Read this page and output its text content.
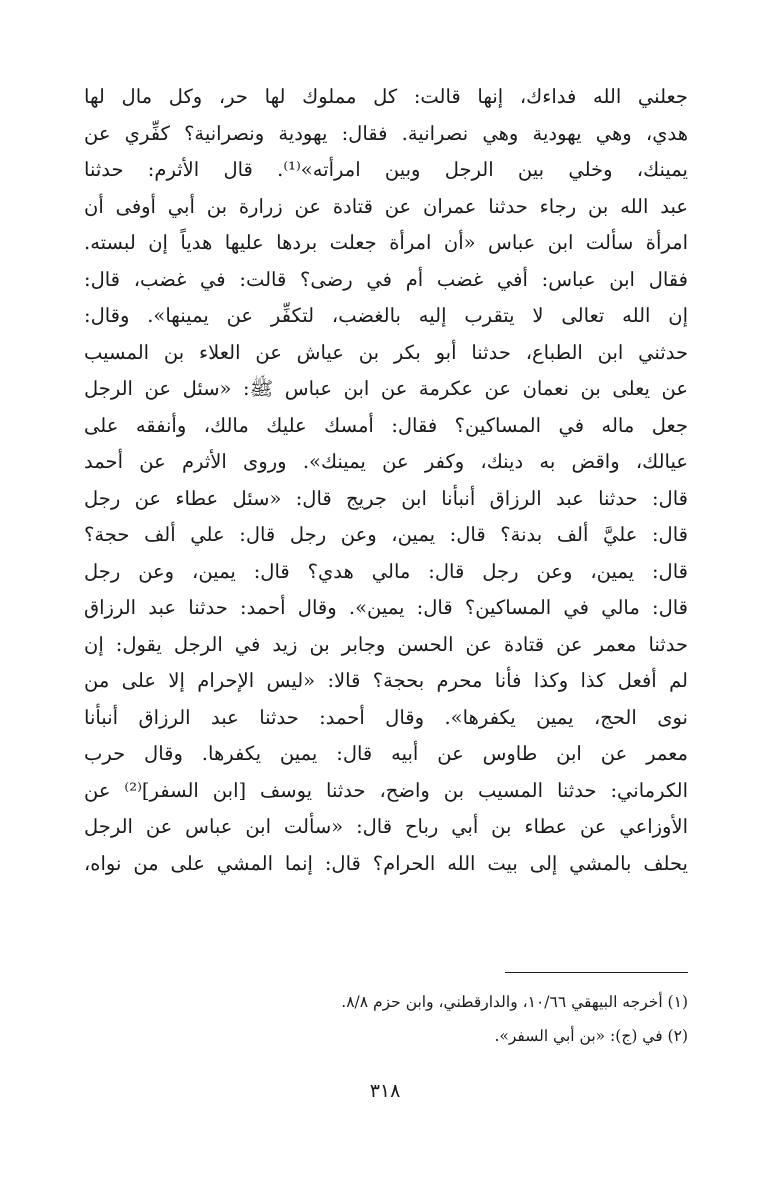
جعلني الله فداءك، إنها قالت: كل مملوك لها حر، وكل مال لها
هدي، وهي يهودية وهي نصرانية. فقال: يهودية ونصرانية؟ كفِّري عن
يمينك، وخلي بين الرجل وبين امرأته»⁽¹⁾. قال الأثرم: حدثنا
عبد الله بن رجاء حدثنا عمران عن قتادة عن زرارة بن أبي أوفى أن
امرأة سألت ابن عباس «أن امرأة جعلت بردها عليها هدياً إن لبسته.
فقال ابن عباس: أفي غضب أم في رضى؟ قالت: في غضب، قال:
إن الله تعالى لا يتقرب إليه بالغضب، لتكفِّر عن يمينها». وقال:
حدثني ابن الطباع، حدثنا أبو بكر بن عياش عن العلاء بن المسيب
عن يعلى بن نعمان عن عكرمة عن ابن عباس ﷺ: «سئل عن الرجل
جعل ماله في المساكين؟ فقال: أمسك عليك مالك، وأنفقه على
عيالك، واقض به دينك، وكفر عن يمينك». وروى الأثرم عن أحمد
قال: حدثنا عبد الرزاق أنبأنا ابن جريج قال: «سئل عطاء عن رجل
قال: عليَّ ألف بدنة؟ قال: يمين، وعن رجل قال: علي ألف حجة؟
قال: يمين، وعن رجل قال: مالي هدي؟ قال: يمين، وعن رجل
قال: مالي في المساكين؟ قال: يمين». وقال أحمد: حدثنا عبد الرزاق
حدثنا معمر عن قتادة عن الحسن وجابر بن زيد في الرجل يقول: إن
لم أفعل كذا وكذا فأنا محرم بحجة؟ قالا: «ليس الإحرام إلا على من
نوى الحج، يمين يكفرها». وقال أحمد: حدثنا عبد الرزاق أنبأنا
معمر عن ابن طاوس عن أبيه قال: يمين يكفرها. وقال حرب
الكرماني: حدثنا المسيب بن واضح، حدثنا يوسف [ابن السفر]⁽²⁾ عن
الأوزاعي عن عطاء بن أبي رباح قال: «سألت ابن عباس عن الرجل
يحلف بالمشي إلى بيت الله الحرام؟ قال: إنما المشي على من نواه،
(١) أخرجه البيهقي ١٠/٦٦، والدارقطني، وابن حزم ٨/٨.
(٢) في (ج): «بن أبي السفر».
٣١٨
